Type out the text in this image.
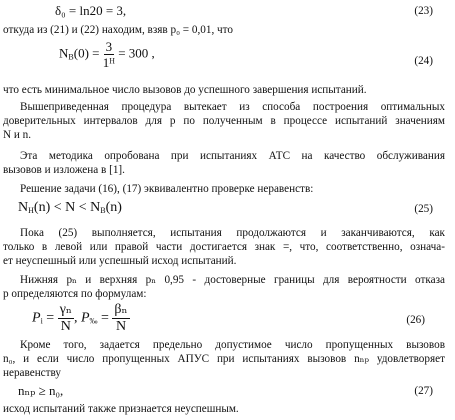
δ₀ = ln20 = 3,	(23)
откуда из (21) и (22) находим, взяв p₀ = 0,01, что
$N_B(0) = \frac{3}{\text{1ᴴ}} = 300$ ,
(24)
что есть минимальное число вызовов до успешного завершения испытаний.
Вышеприведенная процедура вытекает из способа построения оптимальных
доверительных интервалов для p по полученным в процессе испытаний значениям
N и n.
Эта методика опробована при испытаниях АТС на качество обслуживания
вызовов и изложена в [1].
Решение задачи (16), (17) эквивалентно проверке неравенств:
$N_H(n) < N < N_B(n)$	(25)
Пока (25) выполняется, испытания продолжаются и заканчиваются, как
только в левой или правой части достигается знак =, что, соответственно, означа-
ет неуспешный или успешный исход испытаний.
Нижняя pₙ и верхняя pₙ 0,95 - достоверные границы для вероятности отказа
p определяются по формулам:
$P_i = \frac{\text{γₙ}}{N}$ , $P_‰ = \frac{\text{βₙ}}{N}$	(26)
Кроме того, задается предельно допустимое число пропущенных вызовов
n₀, и если число пропущенных АПУС при испытаниях вызовов nₙₚ удовлетворяет
неравенству
nₙₚ ≥ n₀,	(27)
исход испытаний также признается неуспешным.
